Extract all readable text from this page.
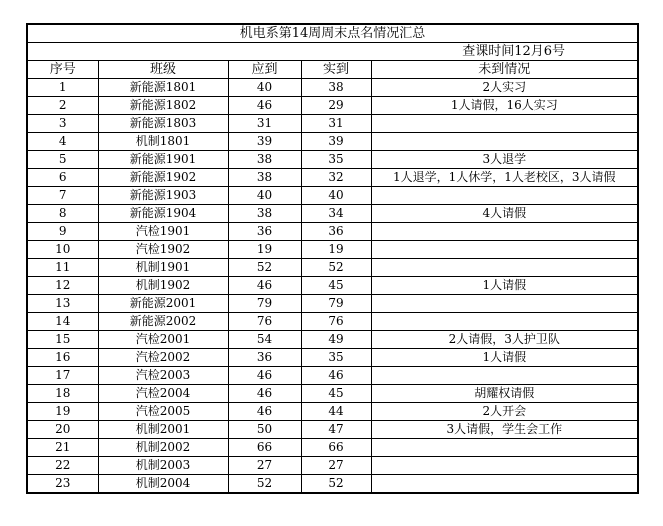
机电系第14周周末点名情况汇总				
查课时间12月6号				
序号	班级	应到	实到	未到情况
1	新能源1801	40	38	2人实习
2	新能源1802	46	29	1人请假，16人实习
3	新能源1803	31	31	
4	机制1801	39	39	
5	新能源1901	38	35	3人退学
6	新能源1902	38	32	1人退学，1人休学，1人老校区，3人请假
7	新能源1903	40	40	
8	新能源1904	38	34	4人请假
9	汽检1901	36	36	
10	汽检1902	19	19	
11	机制1901	52	52	
12	机制1902	46	45	1人请假
13	新能源2001	79	79	
14	新能源2002	76	76	
15	汽检2001	54	49	2人请假，3人护卫队
16	汽检2002	36	35	1人请假
17	汽检2003	46	46	
18	汽检2004	46	45	胡耀权请假
19	汽检2005	46	44	2人开会
20	机制2001	50	47	3人请假，学生会工作
21	机制2002	66	66	
22	机制2003	27	27	
23	机制2004	52	52	
